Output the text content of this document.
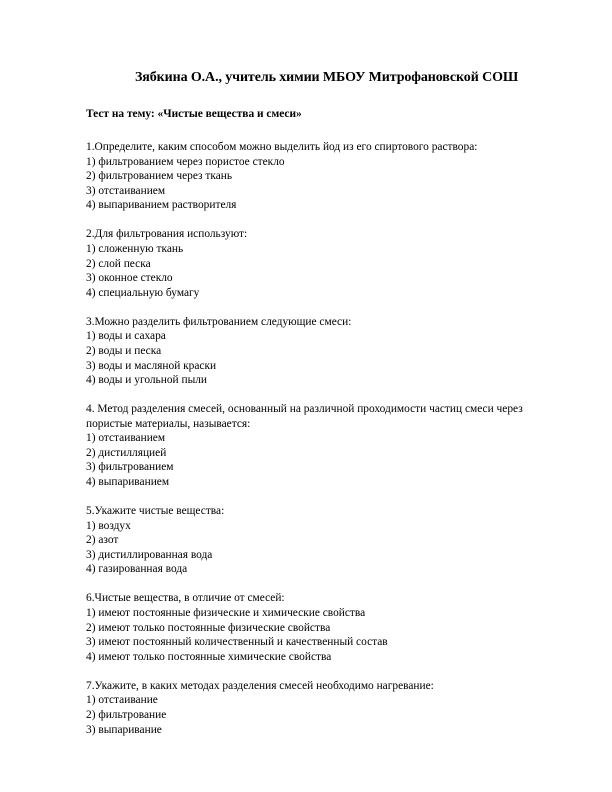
Зябкина О.А., учитель химии МБОУ Митрофановской СОШ
Тест на тему: «Чистые вещества и смеси»
1.Определите, каким способом можно выделить йод из его спиртового раствора:
1) фильтрованием через пористое стекло
2) фильтрованием через ткань
3) отстаиванием
4) выпариванием растворителя
2.Для фильтрования используют:
1) сложенную ткань
2) слой песка
3) оконное стекло
4) специальную бумагу
3.Можно разделить фильтрованием следующие смеси:
1) воды и сахара
2) воды и песка
3) воды и масляной краски
4) воды и угольной пыли
4. Метод разделения смесей, основанный на различной проходимости частиц смеси через пористые материалы, называется:
1) отстаиванием
2) дистилляцией
3) фильтрованием
4) выпариванием
5.Укажите чистые вещества:
1) воздух
2) азот
3) дистиллированная вода
4) газированная вода
6.Чистые вещества, в отличие от смесей:
1) имеют постоянные физические и химические свойства
2) имеют только постоянные физические свойства
3) имеют постоянный количественный и качественный состав
4) имеют только постоянные химические свойства
7.Укажите, в каких методах разделения смесей необходимо нагревание:
1) отстаивание
2) фильтрование
3) выпаривание
